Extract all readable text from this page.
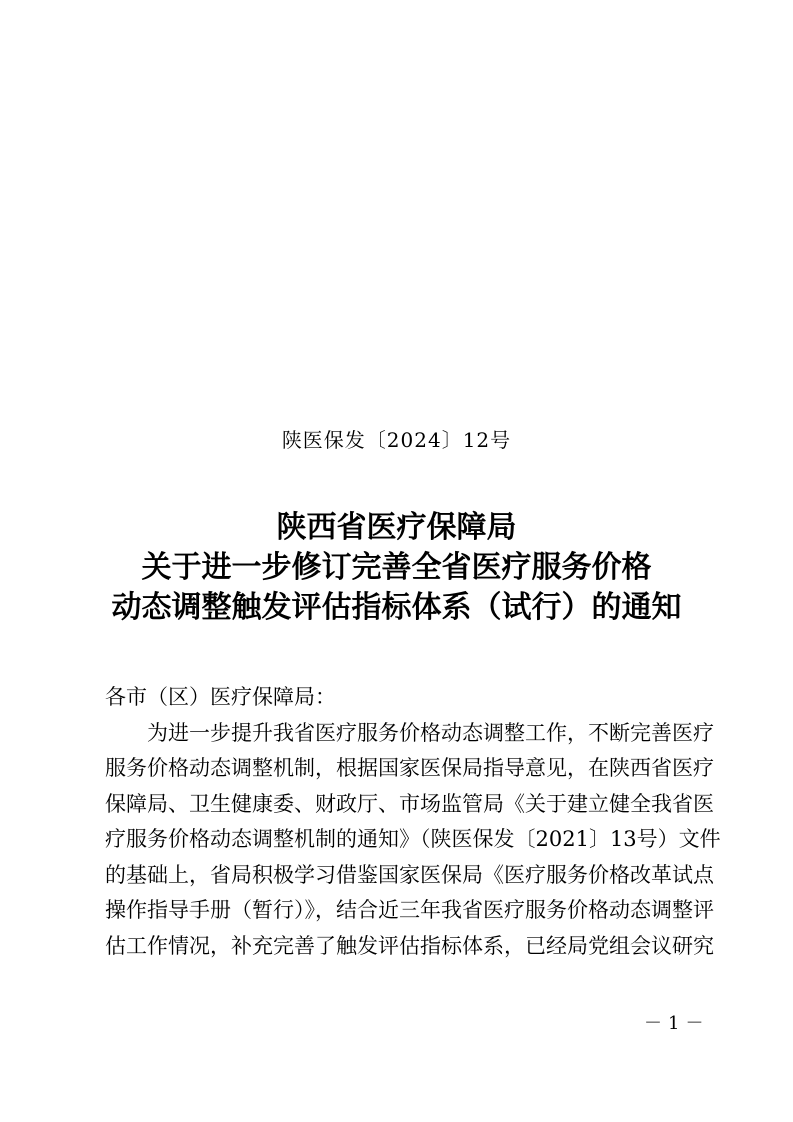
陕医保发〔2024〕12号
陕西省医疗保障局
关于进一步修订完善全省医疗服务价格
动态调整触发评估指标体系（试行）的通知
各市（区）医疗保障局：
为进一步提升我省医疗服务价格动态调整工作，不断完善医疗
服务价格动态调整机制，根据国家医保局指导意见，在陕西省医疗
保障局、卫生健康委、财政厅、市场监管局《关于建立健全我省医
疗服务价格动态调整机制的通知》（陕医保发〔2021〕13号）文件
的基础上，省局积极学习借鉴国家医保局《医疗服务价格改革试点
操作指导手册（暂行）》，结合近三年我省医疗服务价格动态调整评
估工作情况，补充完善了触发评估指标体系，已经局党组会议研究
－1－
